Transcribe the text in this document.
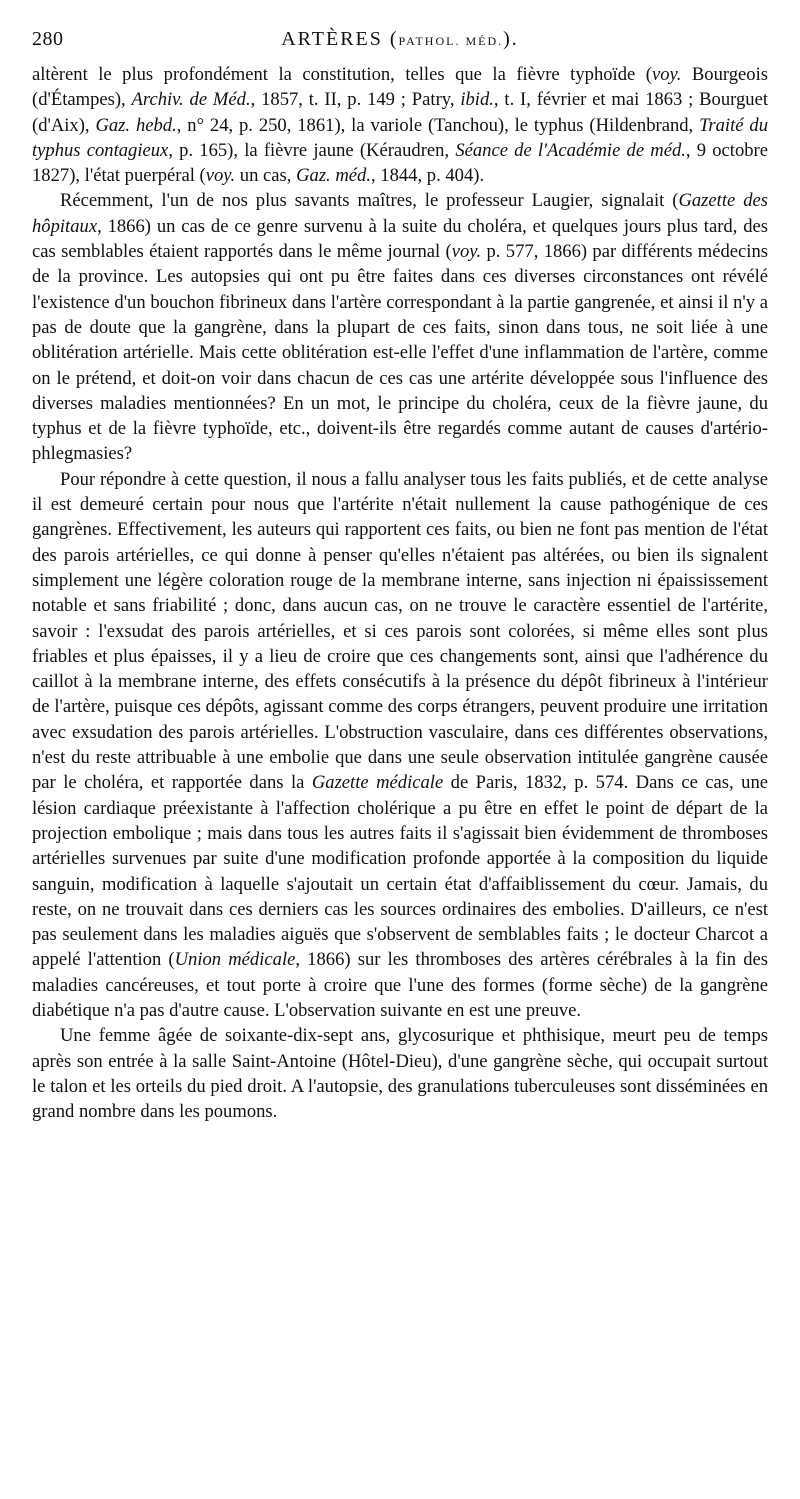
280	ARTÈRES (PATHOL. MÉD.).

altèrent le plus profondément la constitution, telles que la fièvre typhoïde (voy. Bourgeois (d'Étampes), Archiv. de Méd., 1857, t. II, p. 149 ; Patry, ibid., t. I, février et mai 1863 ; Bourguet (d'Aix), Gaz. hebd., n° 24, p. 250, 1861), la variole (Tanchou), le typhus (Hildenbrand, Traité du typhus contagieux, p. 165), la fièvre jaune (Kéraudren, Séance de l'Académie de méd., 9 octobre 1827), l'état puerpéral (voy. un cas, Gaz. méd., 1844, p. 404).

Récemment, l'un de nos plus savants maîtres, le professeur Laugier, signalait (Gazette des hôpitaux, 1866) un cas de ce genre survenu à la suite du choléra, et quelques jours plus tard, des cas semblables étaient rapportés dans le même journal (voy. p. 577, 1866) par différents médecins de la province. Les autopsies qui ont pu être faites dans ces diverses circonstances ont révélé l'existence d'un bouchon fibrineux dans l'artère correspondant à la partie gangrenée, et ainsi il n'y a pas de doute que la gangrène, dans la plupart de ces faits, sinon dans tous, ne soit liée à une oblitération artérielle. Mais cette oblitération est-elle l'effet d'une inflammation de l'artère, comme on le prétend, et doit-on voir dans chacun de ces cas une artérite développée sous l'influence des diverses maladies mentionnées? En un mot, le principe du choléra, ceux de la fièvre jaune, du typhus et de la fièvre typhoïde, etc., doivent-ils être regardés comme autant de causes d'artério-phlegmasies?

Pour répondre à cette question, il nous a fallu analyser tous les faits publiés, et de cette analyse il est demeuré certain pour nous que l'artérite n'était nullement la cause pathogénique de ces gangrènes. Effectivement, les auteurs qui rapportent ces faits, ou bien ne font pas mention de l'état des parois artérielles, ce qui donne à penser qu'elles n'étaient pas altérées, ou bien ils signalent simplement une légère coloration rouge de la membrane interne, sans injection ni épaississement notable et sans friabilité ; donc, dans aucun cas, on ne trouve le caractère essentiel de l'artérite, savoir : l'exsudat des parois artérielles, et si ces parois sont colorées, si même elles sont plus friables et plus épaisses, il y a lieu de croire que ces changements sont, ainsi que l'adhérence du caillot à la membrane interne, des effets consécutifs à la présence du dépôt fibrineux à l'intérieur de l'artère, puisque ces dépôts, agissant comme des corps étrangers, peuvent produire une irritation avec exsudation des parois artérielles. L'obstruction vasculaire, dans ces différentes observations, n'est du reste attribuable à une embolie que dans une seule observation intitulée gangrène causée par le choléra, et rapportée dans la Gazette médicale de Paris, 1832, p. 574. Dans ce cas, une lésion cardiaque préexistante à l'affection cholérique a pu être en effet le point de départ de la projection embolique ; mais dans tous les autres faits il s'agissait bien évidemment de thromboses artérielles survenues par suite d'une modification profonde apportée à la composition du liquide sanguin, modification à laquelle s'ajoutait un certain état d'affaiblissement du cœur. Jamais, du reste, on ne trouvait dans ces derniers cas les sources ordinaires des embolies. D'ailleurs, ce n'est pas seulement dans les maladies aiguës que s'observent de semblables faits ; le docteur Charcot a appelé l'attention (Union médicale, 1866) sur les thromboses des artères cérébrales à la fin des maladies cancéreuses, et tout porte à croire que l'une des formes (forme sèche) de la gangrène diabétique n'a pas d'autre cause. L'observation suivante en est une preuve.

Une femme âgée de soixante-dix-sept ans, glycosurique et phthisique, meurt peu de temps après son entrée à la salle Saint-Antoine (Hôtel-Dieu), d'une gangrène sèche, qui occupait surtout le talon et les orteils du pied droit. A l'autopsie, des granulations tuberculeuses sont disséminées en grand nombre dans les poumons.
